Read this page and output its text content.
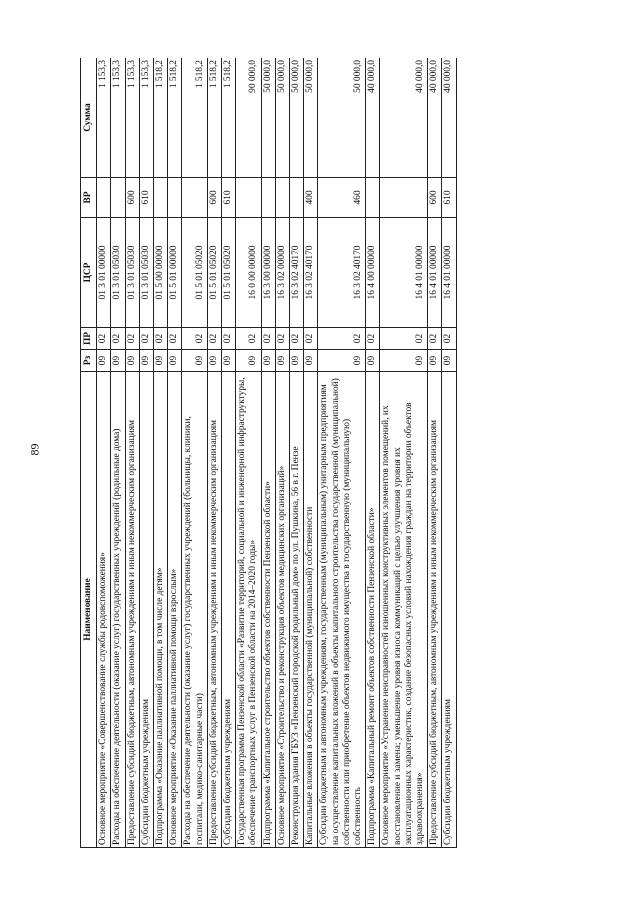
89
Наименование	Рз	ПР	ЦСР	ВР	Сумма
Основное мероприятие «Совершенствование службы родовспоможения»	09	02	01 3 01 00000		1 153,3
Расходы на обеспечение деятельности (оказание услуг) государственных учреждений (родильные дома)	09	02	01 3 01 05030		1 153,3
Предоставление субсидий бюджетным, автономным учреждениям и иным некоммерческим организациям	09	02	01 3 01 05030	600	1 153,3
Субсидии бюджетным учреждениям	09	02	01 3 01 05030	610	1 153,3
Подпрограмма «Оказание паллиативной помощи, в том числе детям»	09	02	01 5 00 00000		1 518,2
Основное мероприятие «Оказание паллиативной помощи взрослым»	09	02	01 5 01 00000		1 518,2
Расходы на обеспечение деятельности (оказание услуг) государственных учреждений (больницы, клиники, госпитали, медико-санитарные части)	09	02	01 5 01 05020		1 518,2
Предоставление субсидий бюджетным, автономным учреждениям и иным некоммерческим организациям	09	02	01 5 01 05020	600	1 518,2
Субсидии бюджетным учреждениям	09	02	01 5 01 05020	610	1 518,2
Государственная программа Пензенской области «Развитие территорий, социальной и инженерной инфраструктуры, обеспечение транспортных услуг в Пензенской области на 2014–2020 годы»	09	02	16 0 00 00000		90 000,0
Подпрограмма «Капитальное строительство объектов собственности Пензенской области»	09	02	16 3 00 00000		50 000,0
Основное мероприятие «Строительство и реконструкция объектов медицинских организаций»	09	02	16 3 02 00000		50 000,0
Реконструкция здания ГБУЗ «Пензенский городской родильный дом» по ул. Пушкина, 56 в г. Пензе	09	02	16 3 02 40170		50 000,0
Капитальные вложения в объекты государственной (муниципальной) собственности	09	02	16 3 02 40170	400	50 000,0
Субсидии бюджетным и автономным учреждениям, государственным (муниципальным) унитарным предприятиям на осуществление капитальных вложений в объекты капитального строительства государственной (муниципальной) собственности или приобретение объектов недвижимого имущества в государственную (муниципальную) собственность	09	02	16 3 02 40170	460	50 000,0
Подпрограмма «Капитальный ремонт объектов собственности Пензенской области»	09	02	16 4 00 00000		40 000,0
Основное мероприятие «Устранение неисправностей изношенных конструктивных элементов помещений, их восстановление и замена; уменьшение уровня износа коммуникаций с целью улучшения уровня их эксплуатационных характеристик, создание безопасных условий нахождения граждан на территории объектов здравоохранения»	09	02	16 4 01 00000		40 000,0
Предоставление субсидий бюджетным, автономным учреждениям и иным некоммерческим организациям	09	02	16 4 01 00000	600	40 000,0
Субсидии бюджетным учреждениям	09	02	16 4 01 00000	610	40 000,0
